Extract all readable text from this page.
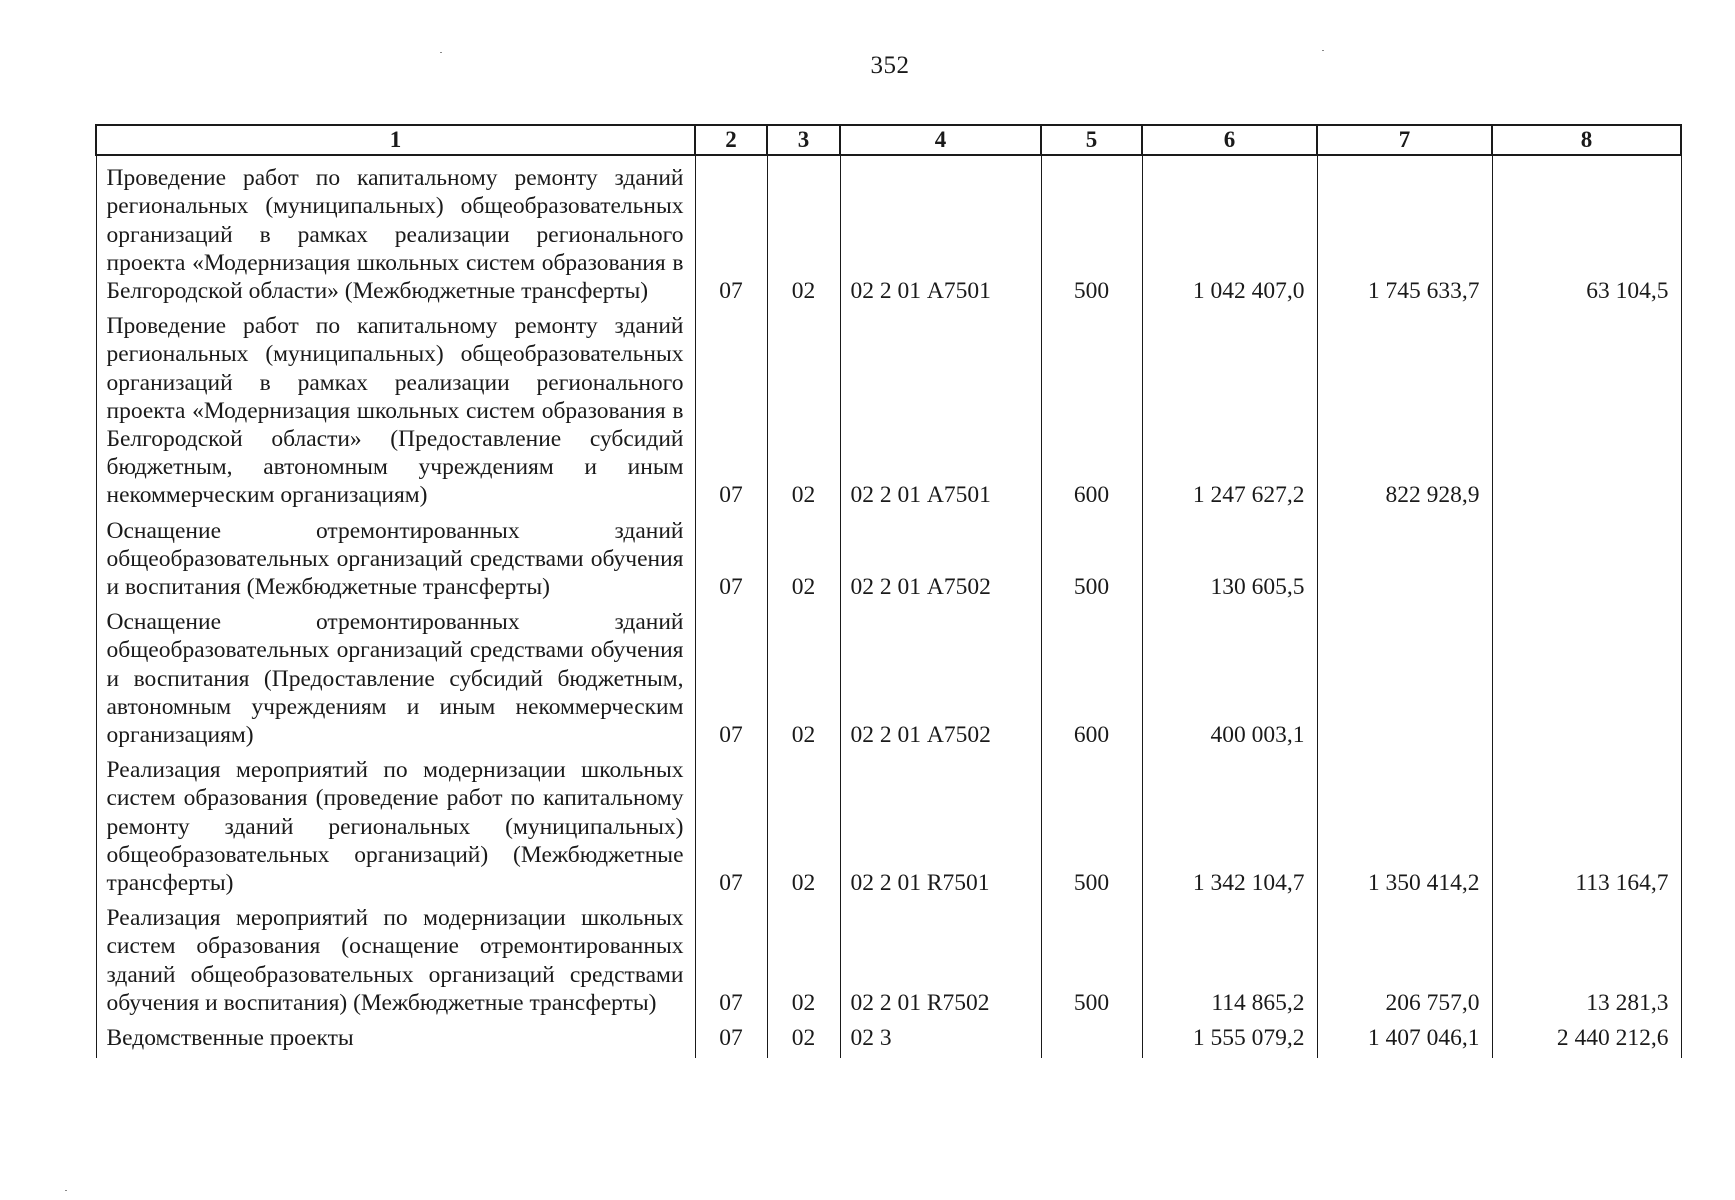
352
1	2	3	4	5	6	7	8
Проведение работ по капитальному ремонту зданий региональных (муниципальных) общеобразовательных организаций в рамках реализации регионального проекта «Модернизация школьных систем образования в Белгородской области» (Межбюджетные трансферты)	07	02	02 2 01 А7501	500	1 042 407,0	1 745 633,7	63 104,5
Проведение работ по капитальному ремонту зданий региональных (муниципальных) общеобразовательных организаций в рамках реализации регионального проекта «Модернизация школьных систем образования в Белгородской области» (Предоставление субсидий бюджетным, автономным учреждениям и иным некоммерческим организациям)	07	02	02 2 01 А7501	600	1 247 627,2	822 928,9	
Оснащение отремонтированных зданий общеобразовательных организаций средствами обучения и воспитания (Межбюджетные трансферты)	07	02	02 2 01 А7502	500	130 605,5		
Оснащение отремонтированных зданий общеобразовательных организаций средствами обучения и воспитания (Предоставление субсидий бюджетным, автономным учреждениям и иным некоммерческим организациям)	07	02	02 2 01 А7502	600	400 003,1		
Реализация мероприятий по модернизации школьных систем образования (проведение работ по капитальному ремонту зданий региональных (муниципальных) общеобразовательных организаций) (Межбюджетные трансферты)	07	02	02 2 01 R7501	500	1 342 104,7	1 350 414,2	113 164,7
Реализация мероприятий по модернизации школьных систем образования (оснащение отремонтированных зданий общеобразовательных организаций средствами обучения и воспитания) (Межбюджетные трансферты)	07	02	02 2 01 R7502	500	114 865,2	206 757,0	13 281,3
Ведомственные проекты	07	02	02 3		1 555 079,2	1 407 046,1	2 440 212,6
